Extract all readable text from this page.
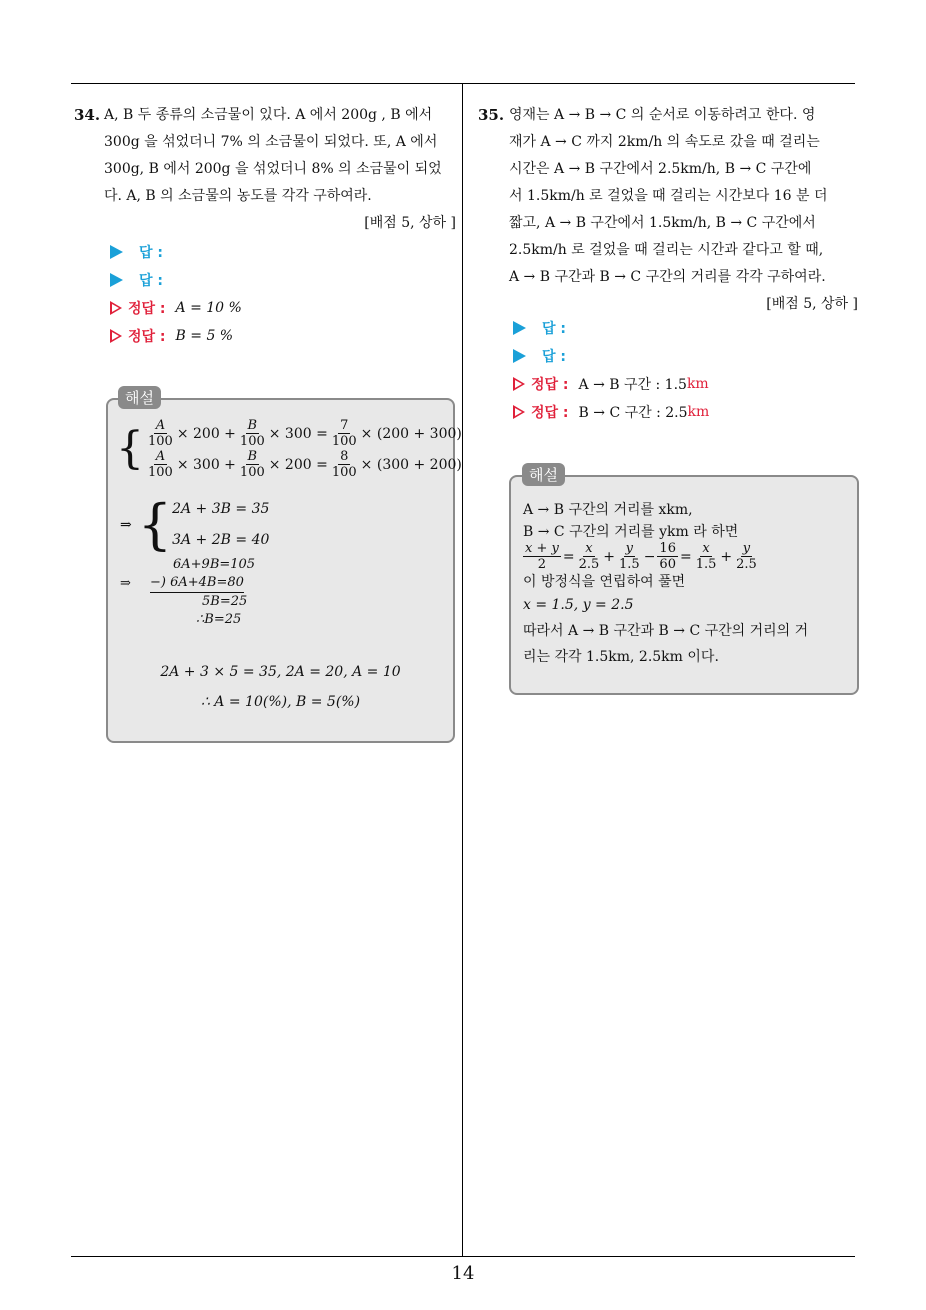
34. A, B 두 종류의 소금물이 있다. A 에서 200g , B 에서
300g 을 섞었더니 7% 의 소금물이 되었다. 또, A 에서
300g, B 에서 200g 을 섞었더니 8% 의 소금물이 되었
다. A, B 의 소금물의 농도를 각각 구하여라.
[배점 5, 상하 ]
답 :
답 :
정답 : A = 10 %
정답 : B = 5 %
{ $\frac{A}{100} \times 200 + \frac{B}{100} \times 300 = \frac{7}{100} \times (200 + 300)$
$\frac{A}{100} \times 300 + \frac{B}{100} \times 200 = \frac{8}{100} \times (300 + 200)$
⇒ { 2A + 3B = 35
3A + 2B = 40
6A+9B=105
⇒	−) 6A+4B=80
5B=25
∴B=25
2A + 3 × 5 = 35, 2A = 20, A = 10
∴ A = 10(%), B = 5(%)
해설
35. 영재는 A → B → C 의 순서로 이동하려고 한다. 영
재가 A → C 까지 2km/h 의 속도로 갔을 때 걸리는
시간은 A → B 구간에서 2.5km/h, B → C 구간에
서 1.5km/h 로 걸었을 때 걸리는 시간보다 16 분 더
짧고, A → B 구간에서 1.5km/h, B → C 구간에서
2.5km/h 로 걸었을 때 걸리는 시간과 같다고 할 때,
A → B 구간과 B → C 구간의 거리를 각각 구하여라.
[배점 5, 상하 ]
답 :
답 :
정답 : A → B 구간 : 1.5 km
정답 : B → C 구간 : 2.5 km
A → B 구간의 거리를 xkm,
B → C 구간의 거리를 ykm 라 하면
$\frac{x + y}{2} = \frac{x}{2.5} + \frac{y}{1.5} - \frac{16}{60} = \frac{x}{1.5} + \frac{y}{2.5}$
이 방정식을 연립하여 풀면
x = 1.5, y = 2.5
따라서 A → B 구간과 B → C 구간의 거리의 거
리는 각각 1.5km, 2.5km 이다.
해설
14
